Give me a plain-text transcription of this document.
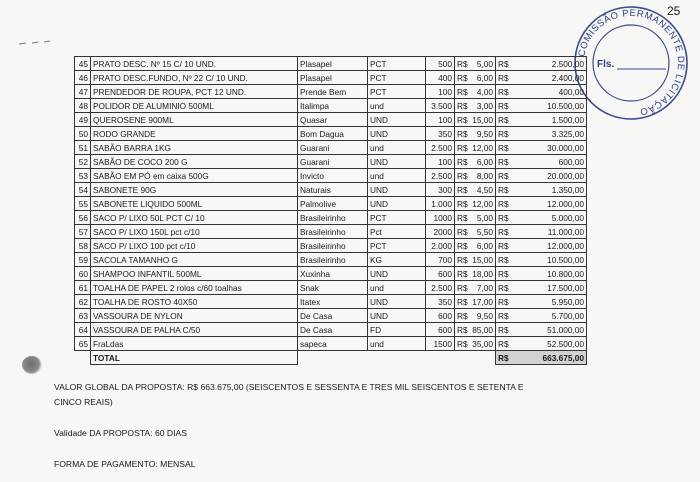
25
COMISSÃO PERMANENTE DE LICITAÇÃO
Fls.
45	PRATO DESC. Nº 15 C/ 10 UND.	Plasapel	PCT	500	R$	5,00	R$	2.500,00
46	PRATO DESC.FUNDO, Nº 22 C/ 10 UND.	Plasapel	PCT	400	R$	6,00	R$	2.400,00
47	PRENDEDOR DE ROUPA, PCT 12 UND.	Prende Bem	PCT	100	R$	4,00	R$	400,00
48	POLIDOR DE ALUMINIO 500ML	Italimpa	und	3.500	R$	3,00	R$	10.500,00
49	QUEROSENE 900ML	Quasar	UND	100	R$	15,00	R$	1.500,00
50	RODO GRANDE	Bom Dagua	UND	350	R$	9,50	R$	3.325,00
51	SABÃO BARRA 1KG	Guarani	und	2.500	R$	12,00	R$	30.000,00
52	SABÃO DE COCO 200 G	Guarani	UND	100	R$	6,00	R$	600,00
53	SABÃO EM PÓ em caixa 500G	Invicto	und	2.500	R$	8,00	R$	20.000,00
54	SABONETE 90G	Naturais	UND	300	R$	4,50	R$	1.350,00
55	SABONETE LIQUIDO 500ML	Palmolive	UND	1.000	R$	12,00	R$	12.000,00
56	SACO P/ LIXO 50L PCT C/ 10	Brasileirinho	PCT	1000	R$	5,00	R$	5.000,00
57	SACO P/ LIXO 150L pct c/10	Brasileirinho	Pct	2000	R$	5,50	R$	11.000,00
58	SACO P/ LIXO 100 pct c/10	Brasileirinho	PCT	2.000	R$	6,00	R$	12.000,00
59	SACOLA TAMANHO G	Brasileirinho	KG	700	R$	15,00	R$	10.500,00
60	SHAMPOO INFANTIL 500ML	Xuxinha	UND	600	R$	18,00	R$	10.800,00
61	TOALHA DE PAPEL 2 rolos c/60 toalhas	Snak	und	2.500	R$	7,00	R$	17.500,00
62	TOALHA DE ROSTO 40X50	Itatex	UND	350	R$	17,00	R$	5.950,00
63	VASSOURA DE NYLON	De Casa	UND	600	R$	9,50	R$	5.700,00
64	VASSOURA DE PALHA C/50	De Casa	FD	600	R$	85,00	R$	51.000,00
65	FraLdas	sapeca	und	1500	R$	35,00	R$	52.500,00
	TOTAL						R$	663.675,00
VALOR GLOBAL DA PROPOSTA: R$ 663.675,00 (SEISCENTOS E SESSENTA E TRES MIL SEISCENTOS E SETENTA E CINCO REAIS)
Validade DA PROPOSTA: 60 DIAS
FORMA DE PAGAMENTO: MENSAL
